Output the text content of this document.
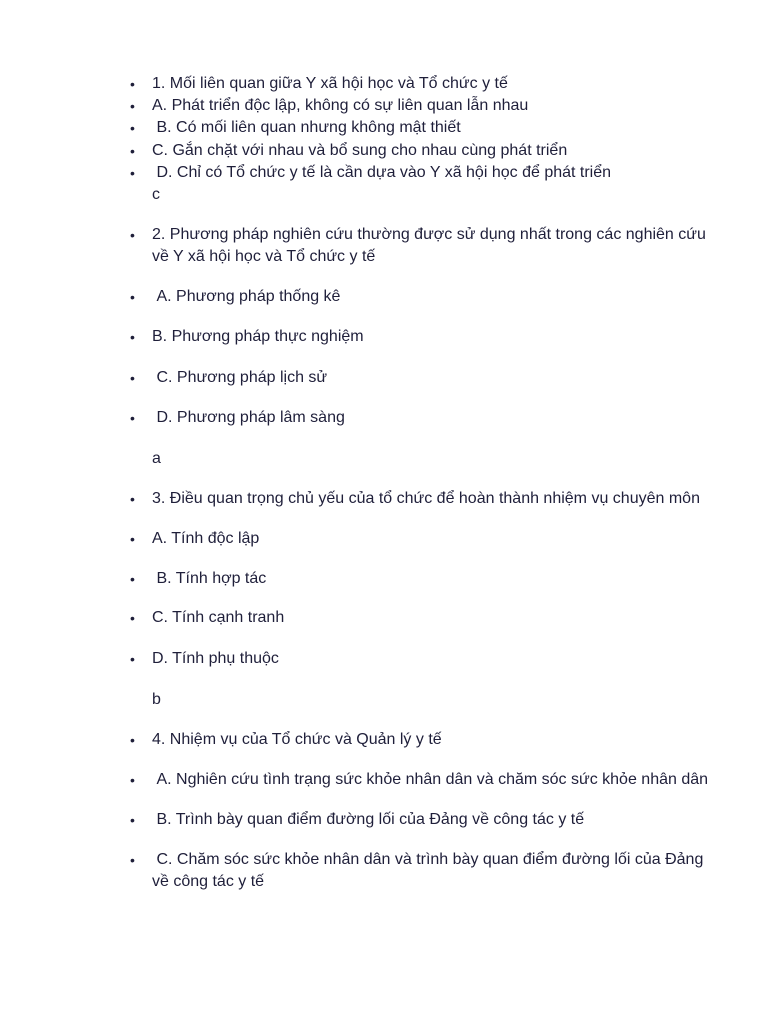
• 1. Mối liên quan giữa Y xã hội học và Tổ chức y tế
• A. Phát triển độc lập, không có sự liên quan lẫn nhau
• B. Có mối liên quan nhưng không mật thiết
• C. Gắn chặt với nhau và bổ sung cho nhau cùng phát triển
• D. Chỉ có Tổ chức y tế là cần dựa vào Y xã hội học để phát triển
c
• 2. Phương pháp nghiên cứu thường được sử dụng nhất trong các nghiên cứu về Y xã hội học và Tổ chức y tế
• A. Phương pháp thống kê
• B. Phương pháp thực nghiệm
• C. Phương pháp lịch sử
• D. Phương pháp lâm sàng
a
• 3. Điều quan trọng chủ yếu của tổ chức để hoàn thành nhiệm vụ chuyên môn
• A. Tính độc lập
• B. Tính hợp tác
• C. Tính cạnh tranh
• D. Tính phụ thuộc
b
• 4. Nhiệm vụ của Tổ chức và Quản lý y tế
• A. Nghiên cứu tình trạng sức khỏe nhân dân và chăm sóc sức khỏe nhân dân
• B. Trình bày quan điểm đường lối của Đảng về công tác y tế
• C. Chăm sóc sức khỏe nhân dân và trình bày quan điểm đường lối của Đảng về công tác y tế
